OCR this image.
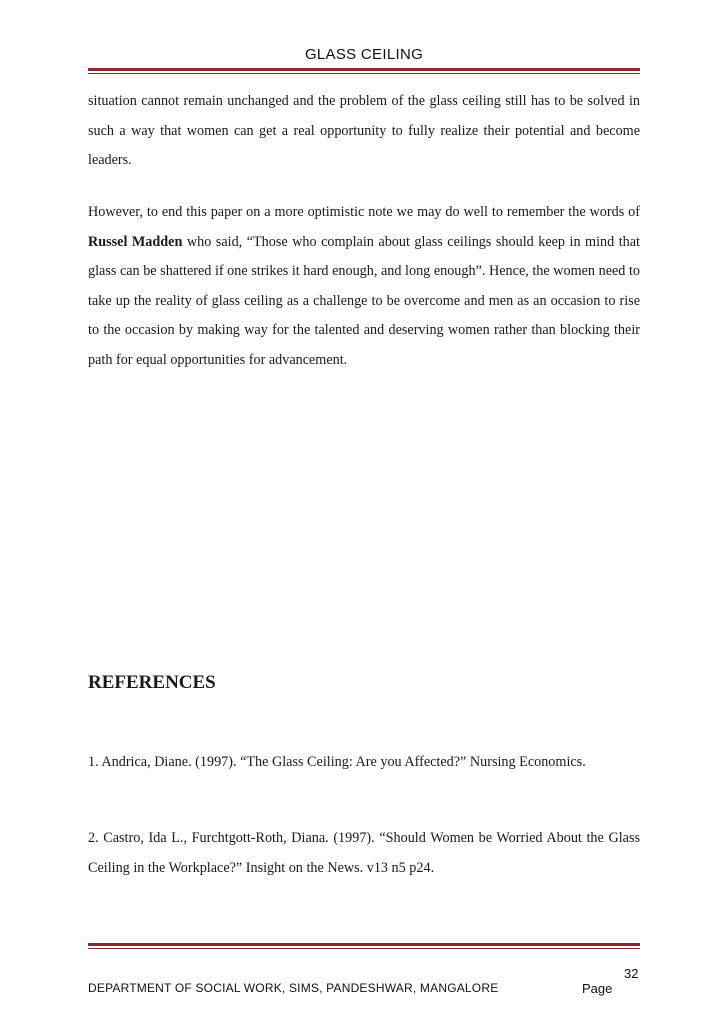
GLASS CEILING

situation cannot remain unchanged and the problem of the glass ceiling still has to be solved in such a way that women can get a real opportunity to fully realize their potential and become leaders.

However, to end this paper on a more optimistic note we may do well to remember the words of Russel Madden who said, “Those who complain about glass ceilings should keep in mind that glass can be shattered if one strikes it hard enough, and long enough”. Hence, the women need to take up the reality of glass ceiling as a challenge to be overcome and men as an occasion to rise to the occasion by making way for the talented and deserving women rather than blocking their path for equal opportunities for advancement.

REFERENCES

1. Andrica, Diane. (1997). “The Glass Ceiling: Are you Affected?” Nursing Economics.

2. Castro, Ida L., Furchtgott-Roth, Diana. (1997). “Should Women be Worried About the Glass Ceiling in the Workplace?” Insight on the News. v13 n5 p24.

DEPARTMENT OF SOCIAL WORK, SIMS, PANDESHWAR, MANGALORE	Page
32
